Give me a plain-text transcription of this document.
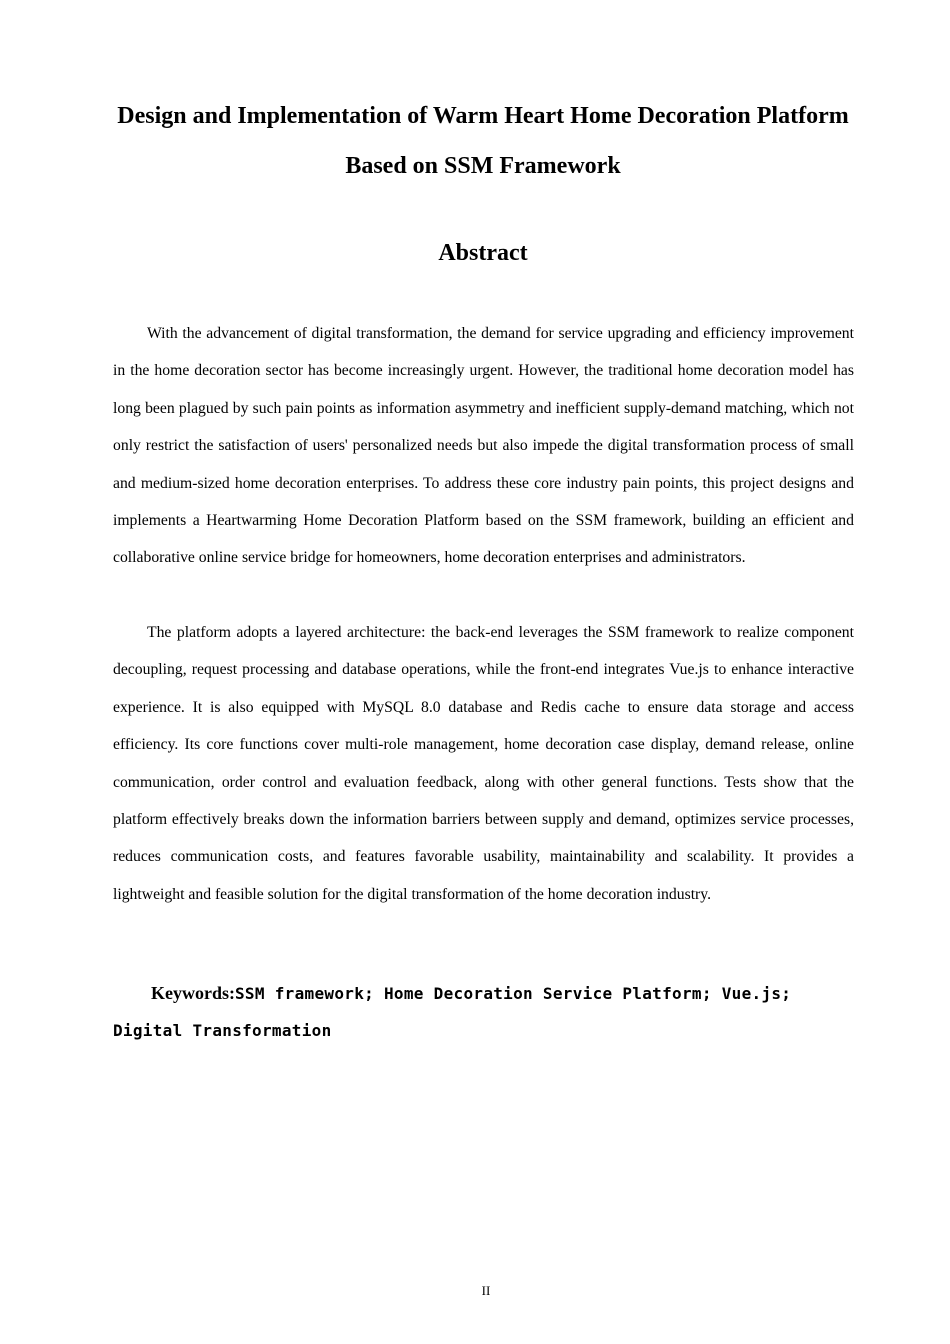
Design and Implementation of Warm Heart Home Decoration Platform
Based on SSM Framework
Abstract

With the advancement of digital transformation, the demand for service upgrading and efficiency improvement in the home decoration sector has become increasingly urgent. However, the traditional home decoration model has long been plagued by such pain points as information asymmetry and inefficient supply-demand matching, which not only restrict the satisfaction of users' personalized needs but also impede the digital transformation process of small and medium-sized home decoration enterprises. To address these core industry pain points, this project designs and implements a Heartwarming Home Decoration Platform based on the SSM framework, building an efficient and collaborative online service bridge for homeowners, home decoration enterprises and administrators.

The platform adopts a layered architecture: the back-end leverages the SSM framework to realize component decoupling, request processing and database operations, while the front-end integrates Vue.js to enhance interactive experience. It is also equipped with MySQL 8.0 database and Redis cache to ensure data storage and access efficiency. Its core functions cover multi-role management, home decoration case display, demand release, online communication, order control and evaluation feedback, along with other general functions. Tests show that the platform effectively breaks down the information barriers between supply and demand, optimizes service processes, reduces communication costs, and features favorable usability, maintainability and scalability. It provides a lightweight and feasible solution for the digital transformation of the home decoration industry.

Keywords:SSM framework; Home Decoration Service Platform; Vue.js; Digital Transformation

II
